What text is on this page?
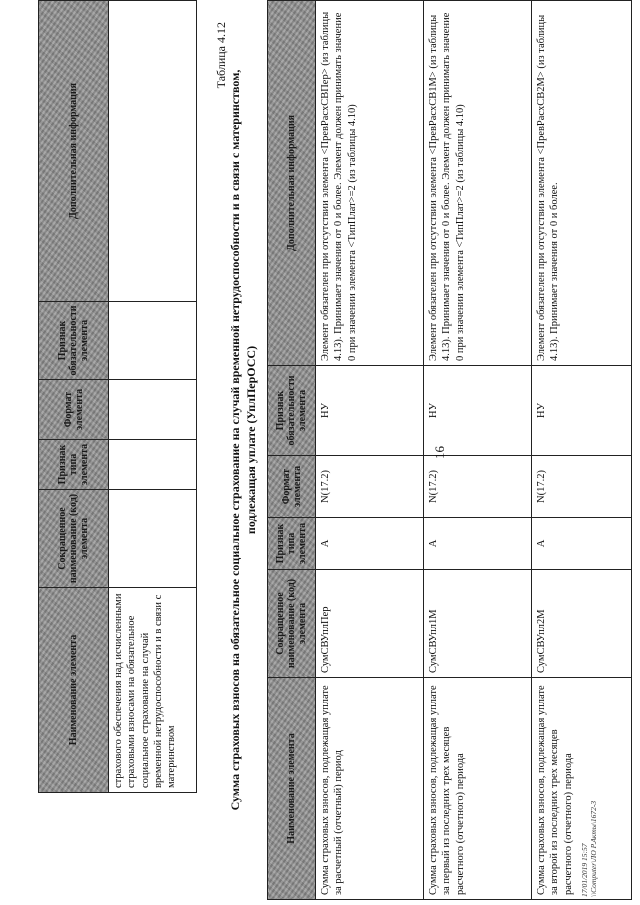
Наименование элемента	Сокращенное наименование (код) элемента	Признак типа элемента	Формат элемента	Признак обязательности элемента	Дополнительная информация
страхового обеспечения над исчисленными страховыми взносами на обязательное социальное страхование на случай временной нетрудоспособности и в связи с материнством					
Таблица 4.12
Сумма страховых взносов на обязательное социальное страхование на случай временной нетрудоспособности и в связи с материнством, подлежащая уплате (УплПерОСС)
Наименование элемента	Сокращенное наименование (код) элемента	Признак типа элемента	Формат элемента	Признак обязательности элемента	Дополнительная информация
Сумма страховых взносов, подлежащая уплате за расчетный (отчетный) период	СумСВУплПер	А	N(17.2)	НУ	Элемент обязателен при отсутствии элемента <ПревРасхСВПер> (из таблицы 4.13). Принимает значения от 0 и более. Элемент должен принимать значение 0 при значении элемента <ТипПлат>=2 (из таблицы 4.10)
Сумма страховых взносов, подлежащая уплате за первый из последних трех месяцев расчетного (отчетного) периода	СумСВУпл1М	А	N(17.2)	НУ	Элемент обязателен при отсутствии элемента <ПревРасхСВ1М> (из таблицы 4.13). Принимает значения от 0 и более. Элемент должен принимать значение 0 при значении элемента <ТипПлат>=2 (из таблицы 4.10)
Сумма страховых взносов, подлежащая уплате за второй из последних трех месяцев расчетного (отчетного) периода	СумСВУпл2М	А	N(17.2)	НУ	Элемент обязателен при отсутствии элемента <ПревРасхСВ2М> (из таблицы 4.13). Принимает значения от 0 и более.
16
17/01/2019 15:57 \\Computer\ЛО Р.Акты\1672-3
